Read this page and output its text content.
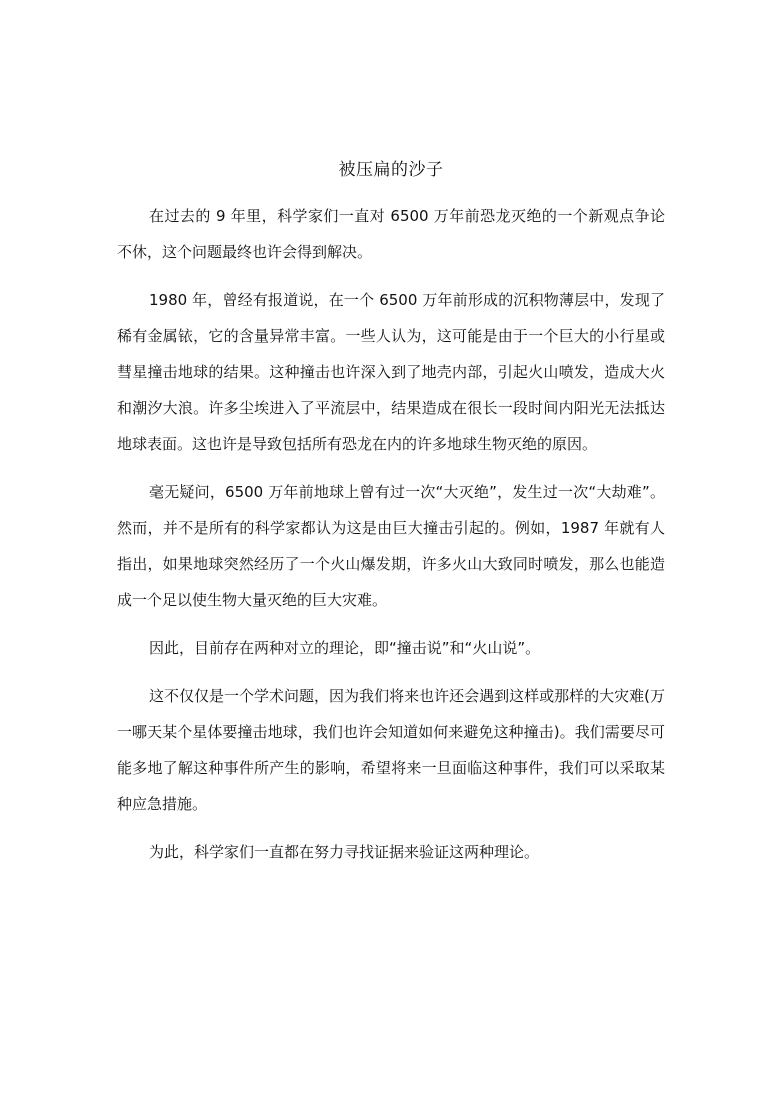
被压扁的沙子

在过去的 9 年里，科学家们一直对 6500 万年前恐龙灭绝的一个新观点争论不休，这个问题最终也许会得到解决。

1980 年，曾经有报道说，在一个 6500 万年前形成的沉积物薄层中，发现了稀有金属铱，它的含量异常丰富。一些人认为，这可能是由于一个巨大的小行星或彗星撞击地球的结果。这种撞击也许深入到了地壳内部，引起火山喷发，造成大火和潮汐大浪。许多尘埃进入了平流层中，结果造成在很长一段时间内阳光无法抵达地球表面。这也许是导致包括所有恐龙在内的许多地球生物灭绝的原因。

毫无疑问，6500 万年前地球上曾有过一次“大灭绝”，发生过一次“大劫难”。然而，并不是所有的科学家都认为这是由巨大撞击引起的。例如，1987 年就有人指出，如果地球突然经历了一个火山爆发期，许多火山大致同时喷发，那么也能造成一个足以使生物大量灭绝的巨大灾难。

因此，目前存在两种对立的理论，即“撞击说”和“火山说”。

这不仅仅是一个学术问题，因为我们将来也许还会遇到这样或那样的大灾难(万一哪天某个星体要撞击地球，我们也许会知道如何来避免这种撞击)。我们需要尽可能多地了解这种事件所产生的影响，希望将来一旦面临这种事件，我们可以采取某种应急措施。

为此，科学家们一直都在努力寻找证据来验证这两种理论。
